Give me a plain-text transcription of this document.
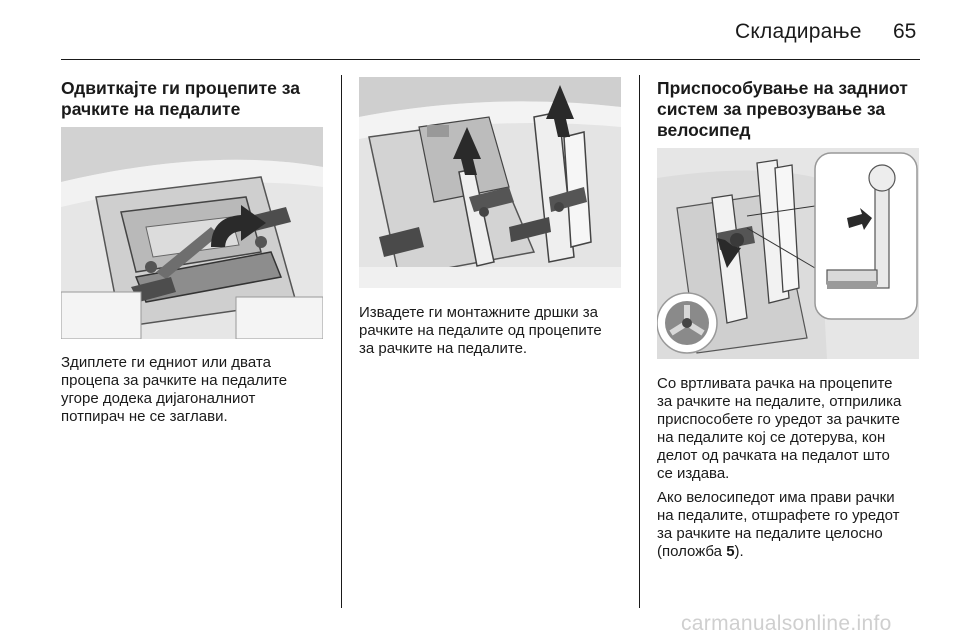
Складирање 65
Одвиткајте ги процепите за
рачките на педалите
Здиплете ги едниот или двата
процепа за рачките на педалите
угоре додека дијагоналниот
потпирач не се заглави.
Извадете ги монтажните дршки за
рачките на педалите од процепите
за рачките на педалите.
Приспособување на задниот
систем за превозување за
велосипед
Со вртливата рачка на процепите
за рачките на педалите, отприлика
приспособете го уредот за рачките
на педалите кој се дотерува, кон
делот од рачката на педалот што
се издава.
Ако велосипедот има прави рачки
на педалите, отшрафете го уредот
за рачките на педалите целосно
(положба 5).
carmanualsonline.info
